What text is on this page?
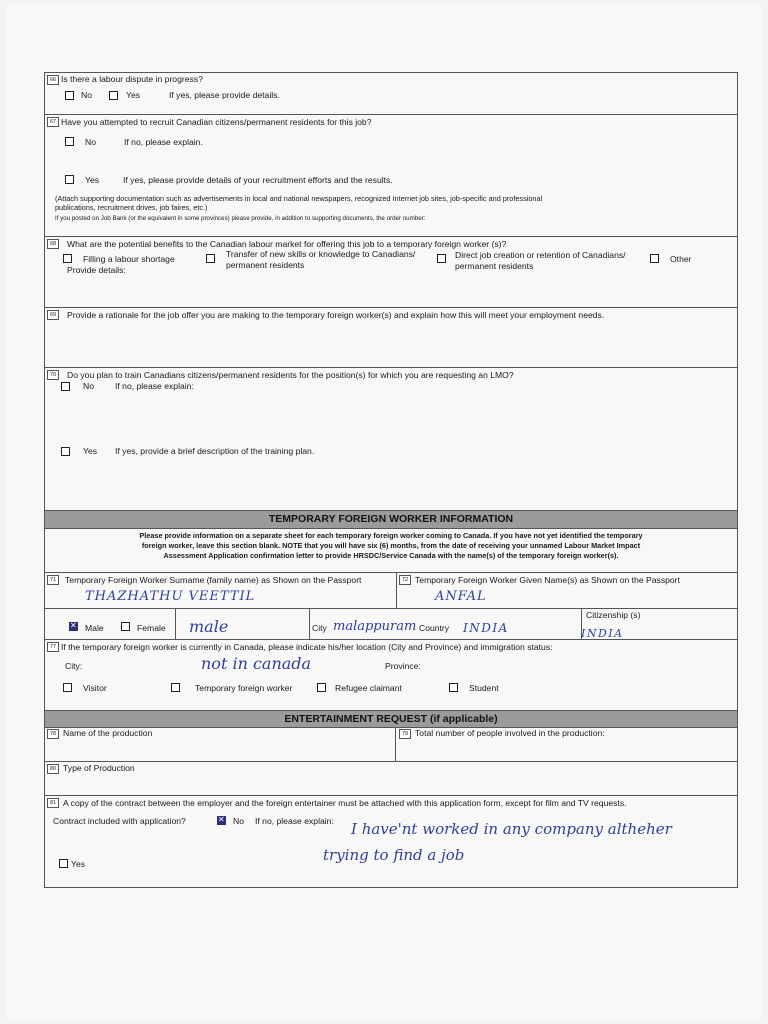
66 Is there a labour dispute in progress?
No	Yes	If yes, please provide details.
67 Have you attempted to recruit Canadian citizens/permanent residents for this job?
No	If no, please explain.
Yes	If yes, please provide details of your recruitment efforts and the results.
(Attach supporting documentation such as advertisements in local and national newspapers, recognized Internet job sites, job-specific and professional
publications, recruitment drives, job faires, etc.)
If you posted on Job Bank (or the equivalent in some provinces) please provide, in addition to supporting documents, the order number:
68	What are the potential benefits to the Canadian labour market for offering this job to a temporary foreign worker (s)?
Filling a labour shortage
Provide details:
Transfer of new skills or knowledge to Canadians/
permanent residents
Direct job creation or retention of Canadians/
permanent residents
Other
69	Provide a rationale for the job offer you are making to the temporary foreign worker(s) and explain how this will meet your employment needs.
70	Do you plan to train Canadians citizens/permanent residents for the position(s) for which you are requesting an LMO?
No If no, please explain:
Yes If yes, provide a brief description of the training plan.
TEMPORARY FOREIGN WORKER INFORMATION
Please provide information on a separate sheet for each temporary foreign worker coming to Canada. If you have not yet identified the temporary
foreign worker, leave this section blank. NOTE that you will have six (6) months, from the date of receiving your unnamed Labour Market Impact
Assessment Application confirmation letter to provide HRSDC/Service Canada with the name(s) of the temporary foreign worker(s).
71	Temporary Foreign Worker Surname (family name) as Shown on the Passport
THAZHATHU VEETTIL
72 Temporary Foreign Worker Given Name(s) as Shown on the Passport
ANFAL
✕
Male	Female male	City malappuram Country INDIA
Citizenship (s)
INDIA
77 If the temporary foreign worker is currently in Canada, please indicate his/her location (City and Province) and immigration status:
City:	not in canada	Province:
Visitor	Temporary foreign worker	Refugee claimant	Student
ENTERTAINMENT REQUEST (if applicable)
78 Name of the production	79 Total number of people involved in the production:
80 Type of Production
81 A copy of the contract between the employer and the foreign entertainer must be attached with this application form, except for film and TV requests.
Contract included with application?
✕	No If no, please explain: I have'nt worked in any company altheher
trying to find a job
Yes
